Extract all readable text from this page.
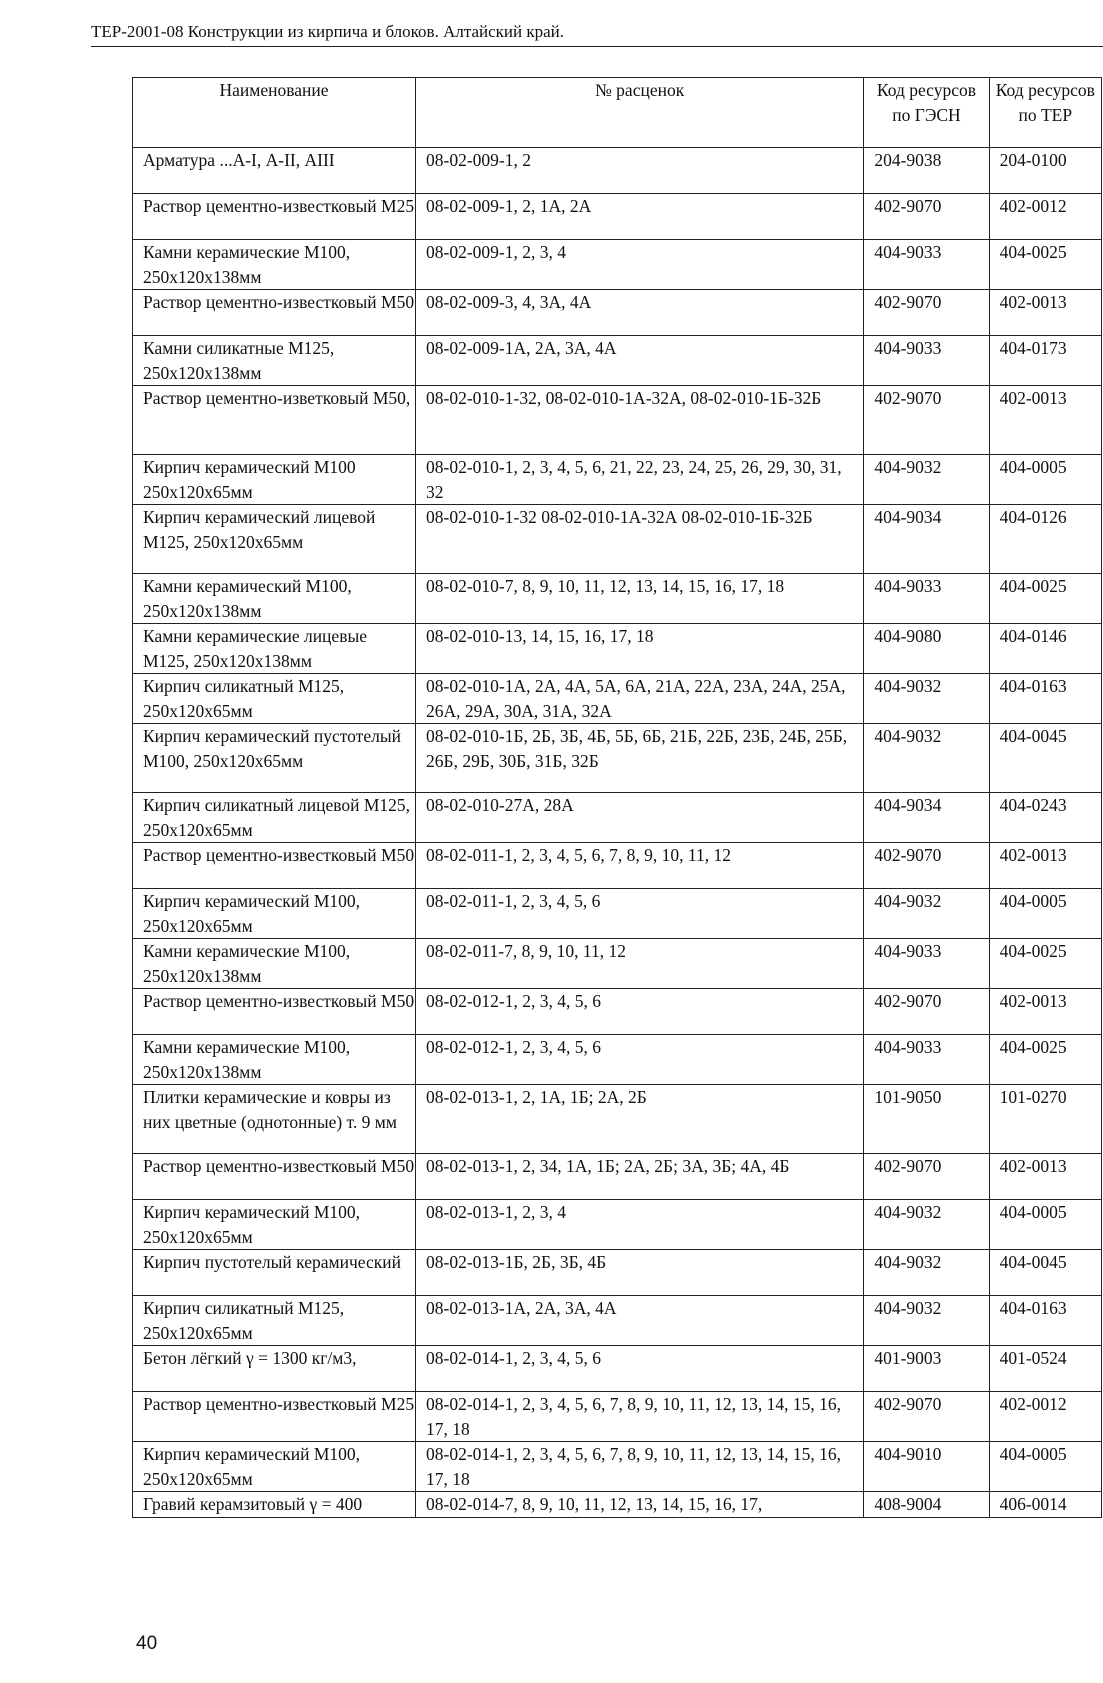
ТЕР-2001-08 Конструкции из кирпича и блоков. Алтайский край.
Наименование	№ расценок	Код ресурсов по ГЭСН	Код ресурсов по ТЕР
Арматура ...А-I, А-II, АIII	08-02-009-1, 2	204-9038	204-0100
Раствор цементно-известковый М25	08-02-009-1, 2, 1А, 2А	402-9070	402-0012
Камни керамические М100, 250x120x138мм	08-02-009-1, 2, 3, 4	404-9033	404-0025
Раствор цементно-известковый М50	08-02-009-3, 4, 3А, 4А	402-9070	402-0013
Камни силикатные М125, 250x120x138мм	08-02-009-1А, 2А, 3А, 4А	404-9033	404-0173
Раствор цементно-изветковый М50,	08-02-010-1-32, 08-02-010-1А-32А, 08-02-010-1Б-32Б	402-9070	402-0013
Кирпич керамический М100 250x120x65мм	08-02-010-1, 2, 3, 4, 5, 6, 21, 22, 23, 24, 25, 26, 29, 30, 31, 32	404-9032	404-0005
Кирпич керамический лицевой М125, 250x120x65мм	08-02-010-1-32 08-02-010-1А-32А 08-02-010-1Б-32Б	404-9034	404-0126
Камни керамический М100, 250x120x138мм	08-02-010-7, 8, 9, 10, 11, 12, 13, 14, 15, 16, 17, 18	404-9033	404-0025
Камни керамические лицевые М125, 250x120x138мм	08-02-010-13, 14, 15, 16, 17, 18	404-9080	404-0146
Кирпич силикатный М125, 250x120x65мм	08-02-010-1А, 2А, 4А, 5А, 6А, 21А, 22А, 23А, 24А, 25А, 26А, 29А, 30А, 31А, 32А	404-9032	404-0163
Кирпич керамический пустотелый М100, 250x120x65мм	08-02-010-1Б, 2Б, 3Б, 4Б, 5Б, 6Б, 21Б, 22Б, 23Б, 24Б, 25Б, 26Б, 29Б, 30Б, 31Б, 32Б	404-9032	404-0045
Кирпич силикатный лицевой М125, 250x120x65мм	08-02-010-27А, 28А	404-9034	404-0243
Раствор цементно-известковый М50	08-02-011-1, 2, 3, 4, 5, 6, 7, 8, 9, 10, 11, 12	402-9070	402-0013
Кирпич керамический М100, 250x120x65мм	08-02-011-1, 2, 3, 4, 5, 6	404-9032	404-0005
Камни керамические М100, 250x120x138мм	08-02-011-7, 8, 9, 10, 11, 12	404-9033	404-0025
Раствор цементно-известковый М50	08-02-012-1, 2, 3, 4, 5, 6	402-9070	402-0013
Камни керамические М100, 250x120x138мм	08-02-012-1, 2, 3, 4, 5, 6	404-9033	404-0025
Плитки керамические и ковры из них цветные (однотонные) т. 9 мм	08-02-013-1, 2, 1А, 1Б; 2А, 2Б	101-9050	101-0270
Раствор цементно-известковый М50	08-02-013-1, 2, 34, 1А, 1Б; 2А, 2Б; 3А, 3Б; 4А, 4Б	402-9070	402-0013
Кирпич керамический М100, 250x120x65мм	08-02-013-1, 2, 3, 4	404-9032	404-0005
Кирпич пустотелый керамический	08-02-013-1Б, 2Б, 3Б, 4Б	404-9032	404-0045
Кирпич силикатный М125, 250x120x65мм	08-02-013-1А, 2А, 3А, 4А	404-9032	404-0163
Бетон лёгкий γ = 1300 кг/м3,	08-02-014-1, 2, 3, 4, 5, 6	401-9003	401-0524
Раствор цементно-известковый М25	08-02-014-1, 2, 3, 4, 5, 6, 7, 8, 9, 10, 11, 12, 13, 14, 15, 16, 17, 18	402-9070	402-0012
Кирпич керамический М100, 250x120x65мм	08-02-014-1, 2, 3, 4, 5, 6, 7, 8, 9, 10, 11, 12, 13, 14, 15, 16, 17, 18	404-9010	404-0005
Гравий керамзитовый γ = 400	08-02-014-7, 8, 9, 10, 11, 12, 13, 14, 15, 16, 17,	408-9004	406-0014
40
